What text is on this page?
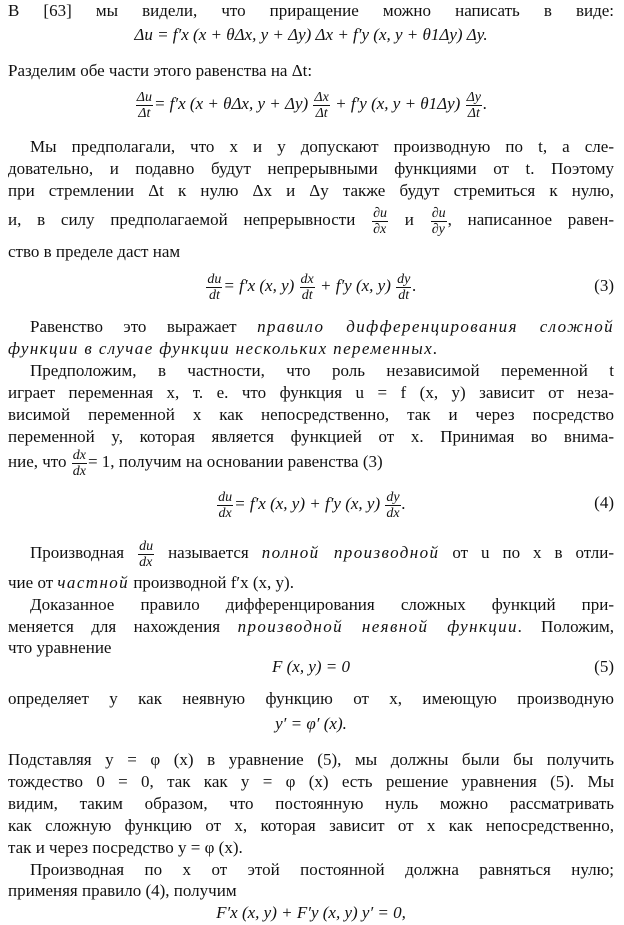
В [63] мы видели, что приращение можно написать в виде:
Δu = f′x (x + θΔx, y + Δy) Δx + f′y (x, y + θ1Δy) Δy.
Разделим обе части этого равенства на Δt:
$\frac{\Delta u}{\Delta t} = f'x$ (x + θΔx, $y + \Delta y) \frac{\Delta x}{\Delta t} + f'y$ (x, $y + \theta 1\Delta y) \frac{\Delta y}{\Delta t}$ .
Мы предполагали, что x и y допускают производную по t, а сле-
довательно, и подавно будут непрерывными функциями от t. Поэтому
при стремлении Δt к нулю Δx и Δy также будут стремиться к нулю,
и, в силу предполагаемой непрерывности $\frac{\partial u}{\partial x}$ и $\frac{\partial u}{\partial y}$ , написанное равен-
ство в пределе даст нам
$\frac{du}{dt} = f'x$ (x, $y) \frac{dx}{dt} + f'y$ (x, $y) \frac{dy}{dt}$ .	(3)
Равенство это выражает правило дифференцирования сложной
функции в случае функции нескольких переменных.
Предположим, в частности, что роль независимой переменной t
играет переменная x, т. е. что функция u = f (x, y) зависит от неза-
висимой переменной x как непосредственно, так и через посредство
переменной y, которая является функцией от x. Принимая во внима-
ние, что $\frac{dx}{dx} = 1$, получим на основании равенства (3)
$\frac{du}{dx} = f'x$ (x, y) + f′y (x, $y) \frac{dy}{dx}$ .	(4)
Производная $\frac{du}{dx}$ называется полной производной от u по x в отли-
чие от частной производной f′x (x, y).
Доказанное правило дифференцирования сложных функций при-
меняется для нахождения производной неявной функции. Положим,
что уравнение
F (x, y) = 0	(5)
определяет y как неявную функцию от x, имеющую производную
y′ = φ′ (x).
Подставляя y = φ (x) в уравнение (5), мы должны были бы получить
тождество 0 = 0, так как y = φ (x) есть решение уравнения (5). Мы
видим, таким образом, что постоянную нуль можно рассматривать
как сложную функцию от x, которая зависит от x как непосредственно,
так и через посредство y = φ (x).
Производная по x от этой постоянной должна равняться нулю;
применяя правило (4), получим
F′x (x, y) + F′y (x, y) y′ = 0,
